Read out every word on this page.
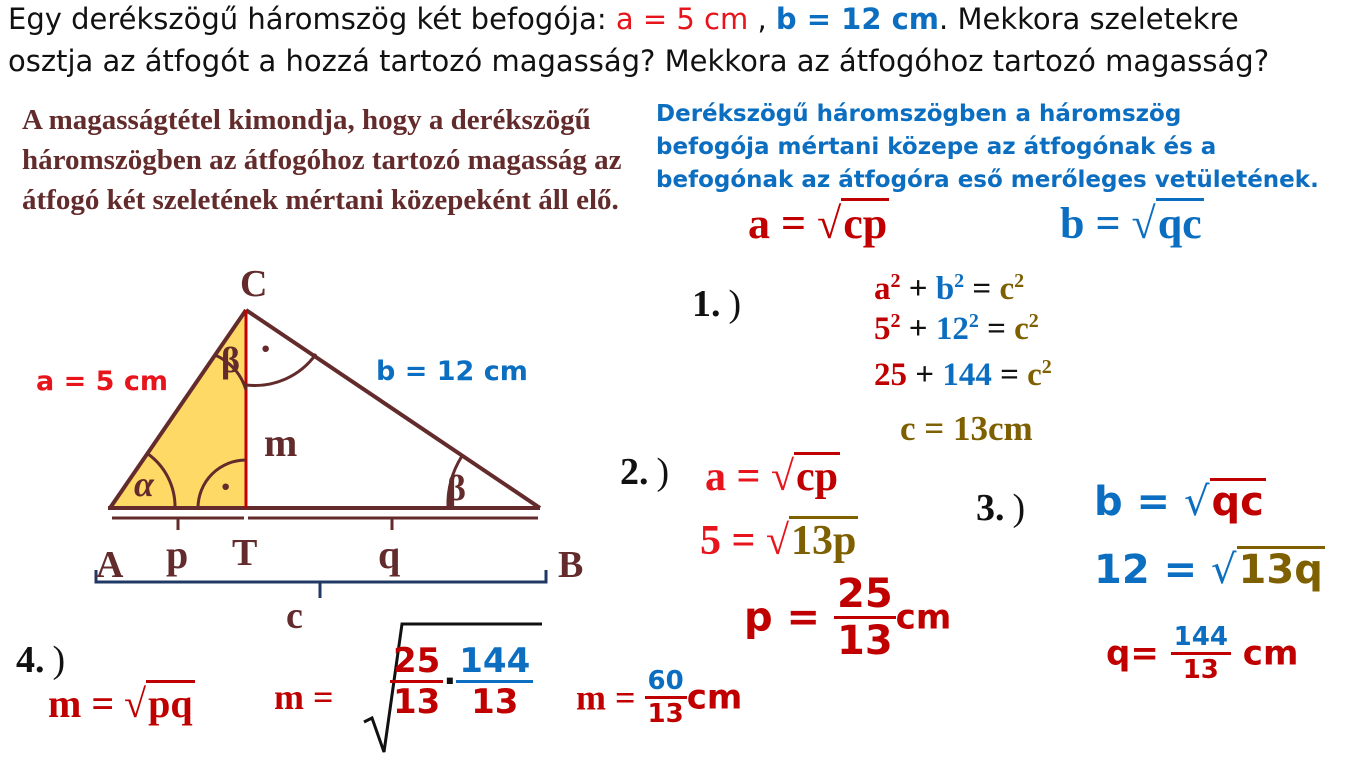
Egy derékszögű háromszög két befogója: a = 5 cm , b = 12 cm. Mekkora szeletekre
osztja az átfogót a hozzá tartozó magasság? Mekkora az átfogóhoz tartozó magasság?
A magasságtétel kimondja, hogy a derékszögű háromszögben az átfogóhoz tartozó magasság az átfogó két szeletének mértani közepeként áll elő.
Derékszögű háromszögben a háromszög
befogója mértani közepe az átfogónak és a
befogónak az átfogóra eső merőleges vetületének.
a = √cp	b = √qc
C
A	B
T
p	q
c
m
α
β
β
·
·
a = 5 cm	b = 12 cm
1. )	$a^2 + b^2 = c^2$
$5^2 + 12^2 = c^2$
$25 + 144 = c^2$
c = 13cm
2. ) a = √cp
5 = √13p
$p = \frac{25}{13}$ cm
3. ) b = √qc
12 = √13q
$q= \frac{144}{13}$ cm
4. )
m = √pq $m = \frac{25}{13} \cdot \frac{144}{13}$ $m = \frac{60}{13}$ cm
